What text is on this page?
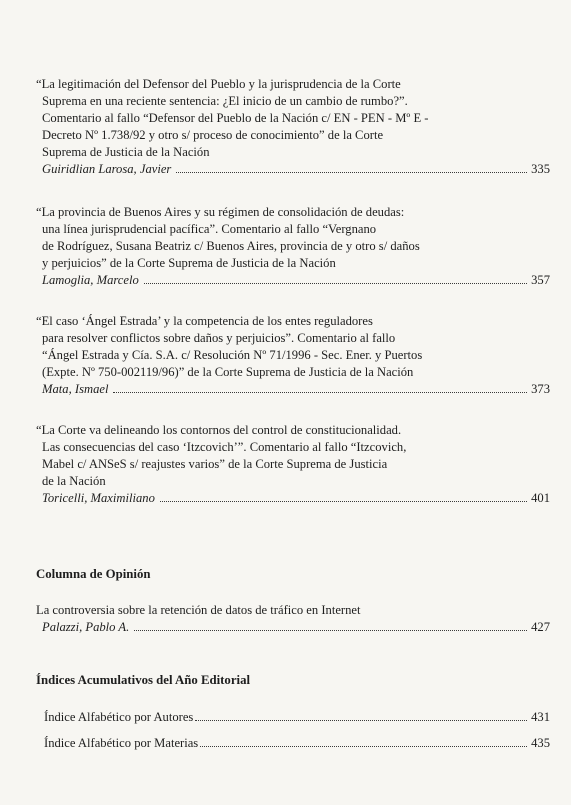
“La legitimación del Defensor del Pueblo y la jurisprudencia de la Corte
Suprema en una reciente sentencia: ¿El inicio de un cambio de rumbo?”.
Comentario al fallo “Defensor del Pueblo de la Nación c/ EN - PEN - Mº E -
Decreto Nº 1.738/92 y otro s/ proceso de conocimiento” de la Corte
Suprema de Justicia de la Nación
Guiridlian Larosa, Javier	335
“La provincia de Buenos Aires y su régimen de consolidación de deudas:
una línea jurisprudencial pacífica”. Comentario al fallo “Vergnano
de Rodríguez, Susana Beatriz c/ Buenos Aires, provincia de y otro s/ daños
y perjuicios” de la Corte Suprema de Justicia de la Nación
Lamoglia, Marcelo	357
“El caso ‘Ángel Estrada’ y la competencia de los entes reguladores
para resolver conflictos sobre daños y perjuicios”. Comentario al fallo
“Ángel Estrada y Cía. S.A. c/ Resolución Nº 71/1996 - Sec. Ener. y Puertos
(Expte. Nº 750-002119/96)” de la Corte Suprema de Justicia de la Nación
Mata, Ismael	373
“La Corte va delineando los contornos del control de constitucionalidad.
Las consecuencias del caso ‘Itzcovich’”. Comentario al fallo “Itzcovich,
Mabel c/ ANSeS s/ reajustes varios” de la Corte Suprema de Justicia
de la Nación
Toricelli, Maximiliano	401
Columna de Opinión
La controversia sobre la retención de datos de tráfico en Internet
Palazzi, Pablo A.	427
Índices Acumulativos del Año Editorial
Índice Alfabético por Autores	431
Índice Alfabético por Materias	435
